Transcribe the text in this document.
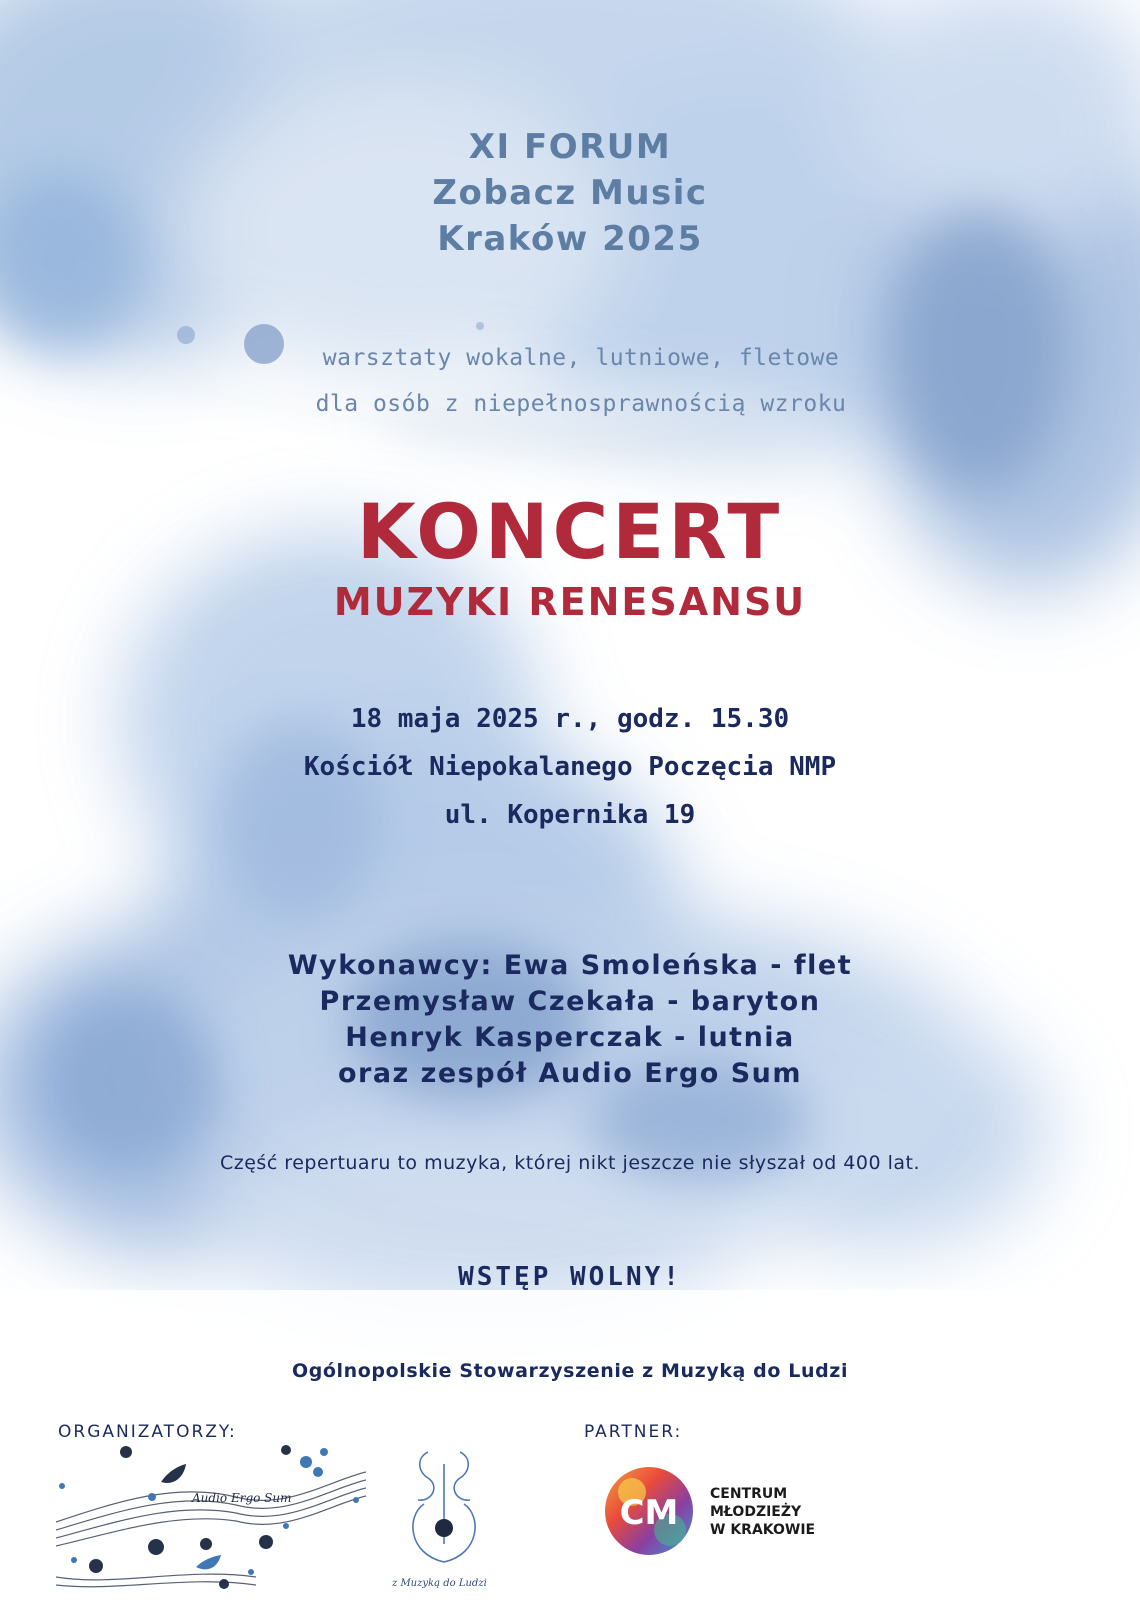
XI FORUM
Zobacz Music
Kraków 2025
warsztaty wokalne, lutniowe, fletowe
dla osób z niepełnosprawnością wzroku
KONCERT
MUZYKI RENESANSU
18 maja 2025 r., godz. 15.30
Kościół Niepokalanego Poczęcia NMP
ul. Kopernika 19
Wykonawcy: Ewa Smoleńska - flet
Przemysław Czekała - baryton
Henryk Kasperczak - lutnia
oraz zespół Audio Ergo Sum
Część repertuaru to muzyka, której nikt jeszcze nie słyszał od 400 lat.
WSTĘP WOLNY!
Ogólnopolskie Stowarzyszenie z Muzyką do Ludzi
ORGANIZATORZY:
Audio Ergo Sum
z Muzyką do Ludzi
PARTNER:
CM CENTRUM
MŁODZIEŻY
W KRAKOWIE
